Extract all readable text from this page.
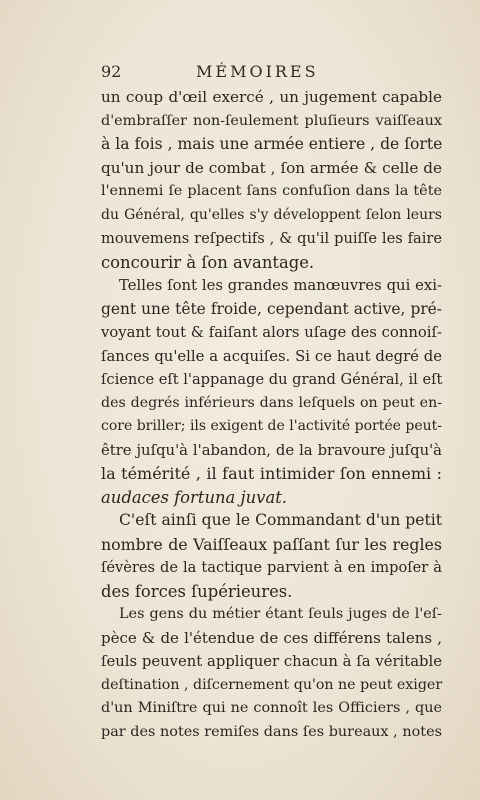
92	MÉMOIRES
un coup d'œil exercé , un jugement capable
d'embraſſer non-ſeulement pluſieurs vaiſſeaux
à la fois , mais une armée entiere , de ſorte
qu'un jour de combat , ſon armée & celle de
l'ennemi ſe placent ſans confuſion dans la tête
du Général, qu'elles s'y développent ſelon leurs
mouvemens reſpectifs , & qu'il puiſſe les faire
concourir à ſon avantage.
Telles ſont les grandes manœuvres qui exi-
gent une tête froide, cependant active, pré-
voyant tout & faiſant alors uſage des connoiſ-
ſances qu'elle a acquiſes. Si ce haut degré de
ſcience eſt l'appanage du grand Général, il eſt
des degrés inférieurs dans leſquels on peut en-
core briller; ils exigent de l'activité portée peut-
être juſqu'à l'abandon, de la bravoure juſqu'à
la témérité , il faut intimider ſon ennemi :
audaces fortuna juvat.
C'eſt ainſi que le Commandant d'un petit
nombre de Vaiſſeaux paſſant ſur les regles
ſévères de la tactique parvient à en impoſer à
des forces ſupérieures.
Les gens du métier étant ſeuls juges de l'eſ-
pèce & de l'étendue de ces différens talens ,
ſeuls peuvent appliquer chacun à ſa véritable
deſtination , diſcernement qu'on ne peut exiger
d'un Miniſtre qui ne connoît les Officiers , que
par des notes remiſes dans ſes bureaux , notes
